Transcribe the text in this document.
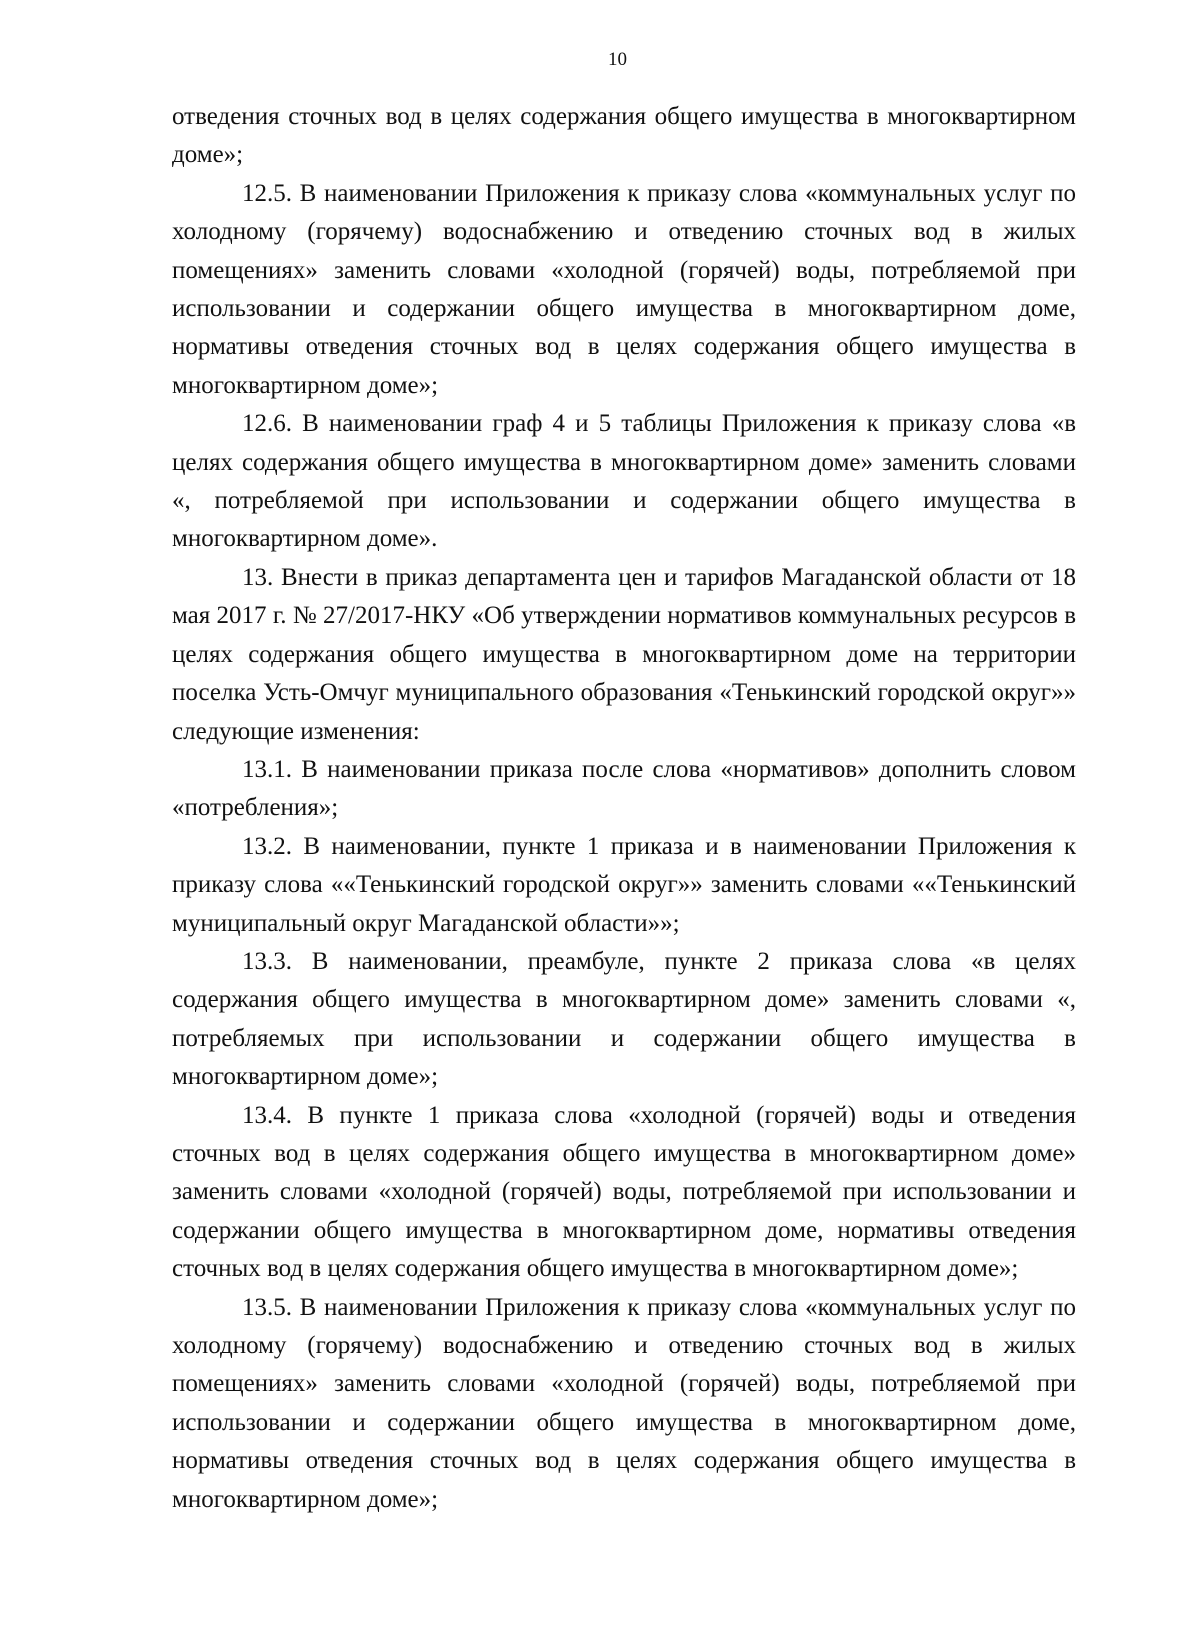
10

отведения сточных вод в целях содержания общего имущества в многоквартирном доме»;

12.5. В наименовании Приложения к приказу слова «коммунальных услуг по холодному (горячему) водоснабжению и отведению сточных вод в жилых помещениях» заменить словами «холодной (горячей) воды, потребляемой при использовании и содержании общего имущества в многоквартирном доме, нормативы отведения сточных вод в целях содержания общего имущества в многоквартирном доме»;

12.6. В наименовании граф 4 и 5 таблицы Приложения к приказу слова «в целях содержания общего имущества в многоквартирном доме» заменить словами «, потребляемой при использовании и содержании общего имущества в многоквартирном доме».

13. Внести в приказ департамента цен и тарифов Магаданской области от 18 мая 2017 г. № 27/2017-НКУ «Об утверждении нормативов коммунальных ресурсов в целях содержания общего имущества в многоквартирном доме на территории поселка Усть-Омчуг муниципального образования «Тенькинский городской округ»» следующие изменения:

13.1. В наименовании приказа после слова «нормативов» дополнить словом «потребления»;

13.2. В наименовании, пункте 1 приказа и в наименовании Приложения к приказу слова ««Тенькинский городской округ»» заменить словами ««Тенькинский муниципальный округ Магаданской области»»;

13.3. В наименовании, преамбуле, пункте 2 приказа слова «в целях содержания общего имущества в многоквартирном доме» заменить словами «, потребляемых при использовании и содержании общего имущества в многоквартирном доме»;

13.4. В пункте 1 приказа слова «холодной (горячей) воды и отведения сточных вод в целях содержания общего имущества в многоквартирном доме» заменить словами «холодной (горячей) воды, потребляемой при использовании и содержании общего имущества в многоквартирном доме, нормативы отведения сточных вод в целях содержания общего имущества в многоквартирном доме»;

13.5. В наименовании Приложения к приказу слова «коммунальных услуг по холодному (горячему) водоснабжению и отведению сточных вод в жилых помещениях» заменить словами «холодной (горячей) воды, потребляемой при использовании и содержании общего имущества в многоквартирном доме, нормативы отведения сточных вод в целях содержания общего имущества в многоквартирном доме»;
